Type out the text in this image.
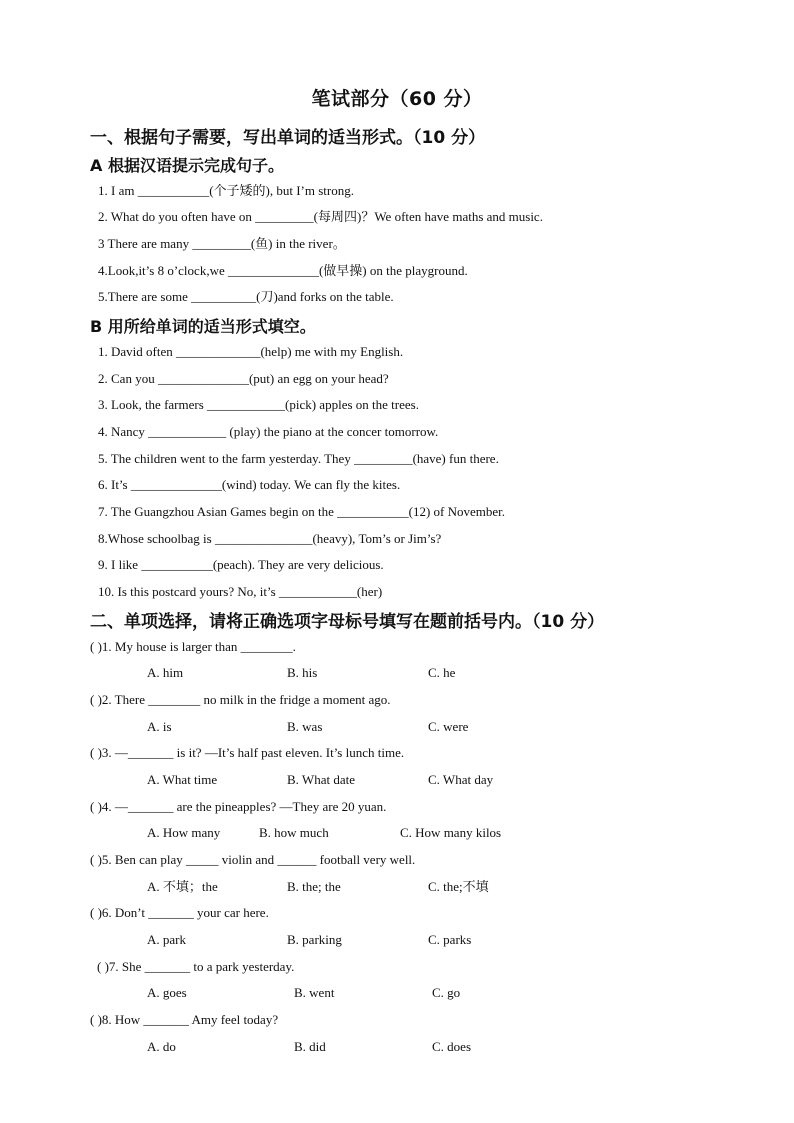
笔试部分（60 分）
一、根据句子需要，写出单词的适当形式。（10 分）
A 根据汉语提示完成句子。
1. I am ___________(个子矮的), but I’m strong.
2. What do you often have on _________(每周四)？We often have maths and music.
3 There are many _________(鱼) in the river。
4.Look,it’s 8 o’clock,we ______________(做早操) on the playground.
5.There are some __________(刀)and forks on the table.
B 用所给单词的适当形式填空。
1. David often _____________(help) me with my English.
2. Can you ______________(put) an egg on your head?
3. Look, the farmers ____________(pick) apples on the trees.
4. Nancy ____________ (play) the piano at the concer tomorrow.
5. The children went to the farm yesterday. They _________(have) fun there.
6. It’s ______________(wind) today. We can fly the kites.
7. The Guangzhou Asian Games begin on the ___________(12) of November.
8.Whose schoolbag is _______________(heavy), Tom’s or Jim’s?
9. I like ___________(peach). They are very delicious.
10. Is this postcard yours? No, it’s ____________(her)
二、单项选择，请将正确选项字母标号填写在题前括号内。（10 分）
( )1. My house is larger than ________.
A. him	B. his	C. he
( )2. There ________ no milk in the fridge a moment ago.
A. is	B. was	C. were
( )3. —_______ is it? —It’s half past eleven. It’s lunch time.
A. What time	B. What date	C. What day
( )4. —_______ are the pineapples? —They are 20 yuan.
A. How many	B. how much	C. How many kilos
( )5. Ben can play _____ violin and ______ football very well.
A. 不填；the	B. the; the	C. the;不填
( )6. Don’t _______ your car here.
A. park	B. parking	C. parks
( )7. She _______ to a park yesterday.
A. goes	B. went	C. go
( )8. How _______ Amy feel today?
A. do	B. did	C. does
